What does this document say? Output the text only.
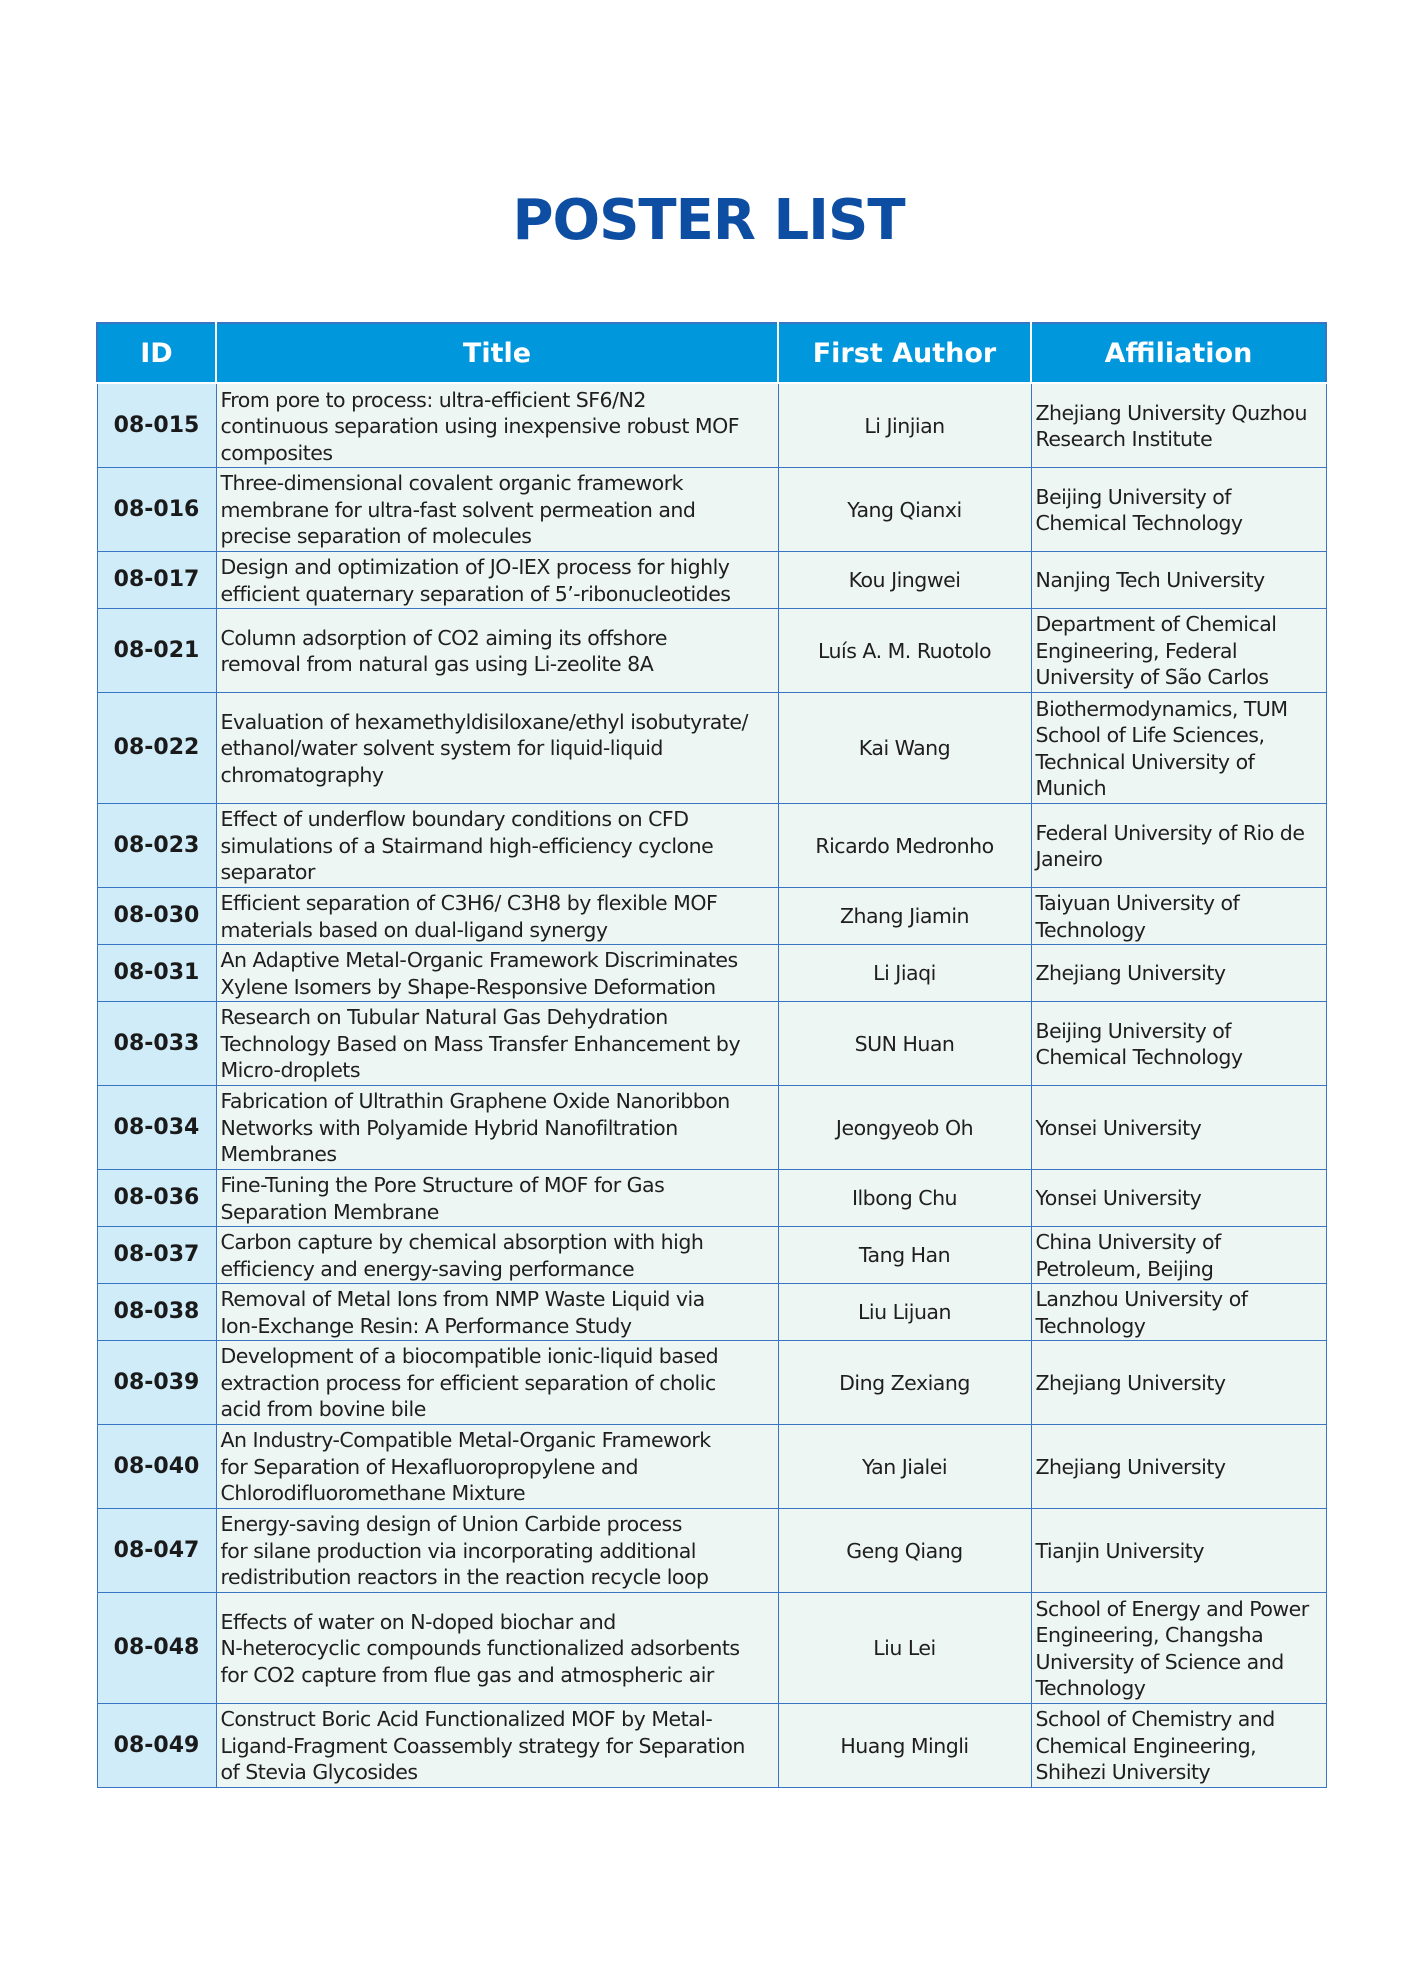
POSTER LIST
ID	Title	First Author	Affiliation

08-015	From pore to process: ultra-efficient SF6/N2
continuous separation using inexpensive robust MOF
composites	Li Jinjian	Zhejiang University Quzhou
Research Institute

08-016	Three-dimensional covalent organic framework
membrane for ultra-fast solvent permeation and
precise separation of molecules	Yang Qianxi	Beijing University of
Chemical Technology

08-017	Design and optimization of JO-IEX process for highly
efficient quaternary separation of 5’-ribonucleotides	Kou Jingwei	Nanjing Tech University

08-021	Column adsorption of CO2 aiming its offshore
removal from natural gas using Li-zeolite 8A	Luís A. M. Ruotolo	Department of Chemical
Engineering, Federal
University of São Carlos

08-022	Evaluation of hexamethyldisiloxane/ethyl isobutyrate/
ethanol/water solvent system for liquid-liquid
chromatography	Kai Wang	Biothermodynamics, TUM
School of Life Sciences,
Technical University of
Munich

08-023	Effect of underflow boundary conditions on CFD
simulations of a Stairmand high-efficiency cyclone
separator	Ricardo Medronho	Federal University of Rio de
Janeiro

08-030	Efficient separation of C3H6/ C3H8 by flexible MOF
materials based on dual-ligand synergy	Zhang Jiamin	Taiyuan University of
Technology

08-031	An Adaptive Metal-Organic Framework Discriminates
Xylene Isomers by Shape-Responsive Deformation	Li Jiaqi	Zhejiang University

08-033	Research on Tubular Natural Gas Dehydration
Technology Based on Mass Transfer Enhancement by
Micro-droplets	SUN Huan	Beijing University of
Chemical Technology

08-034	Fabrication of Ultrathin Graphene Oxide Nanoribbon
Networks with Polyamide Hybrid Nanofiltration
Membranes	Jeongyeob Oh	Yonsei University

08-036	Fine-Tuning the Pore Structure of MOF for Gas
Separation Membrane	Ilbong Chu	Yonsei University

08-037	Carbon capture by chemical absorption with high
efficiency and energy-saving performance	Tang Han	China University of
Petroleum, Beijing

08-038	Removal of Metal Ions from NMP Waste Liquid via
Ion-Exchange Resin: A Performance Study	Liu Lijuan	Lanzhou University of
Technology

08-039	Development of a biocompatible ionic-liquid based
extraction process for efficient separation of cholic
acid from bovine bile	Ding Zexiang	Zhejiang University

08-040	An Industry-Compatible Metal-Organic Framework
for Separation of Hexafluoropropylene and
Chlorodifluoromethane Mixture	Yan Jialei	Zhejiang University

08-047	Energy-saving design of Union Carbide process
for silane production via incorporating additional
redistribution reactors in the reaction recycle loop	Geng Qiang	Tianjin University

08-048	Effects of water on N-doped biochar and
N-heterocyclic compounds functionalized adsorbents
for CO2 capture from flue gas and atmospheric air	Liu Lei	School of Energy and Power
Engineering, Changsha
University of Science and
Technology

08-049	Construct Boric Acid Functionalized MOF by Metal-
Ligand-Fragment Coassembly strategy for Separation
of Stevia Glycosides	Huang Mingli	School of Chemistry and
Chemical Engineering,
Shihezi University
